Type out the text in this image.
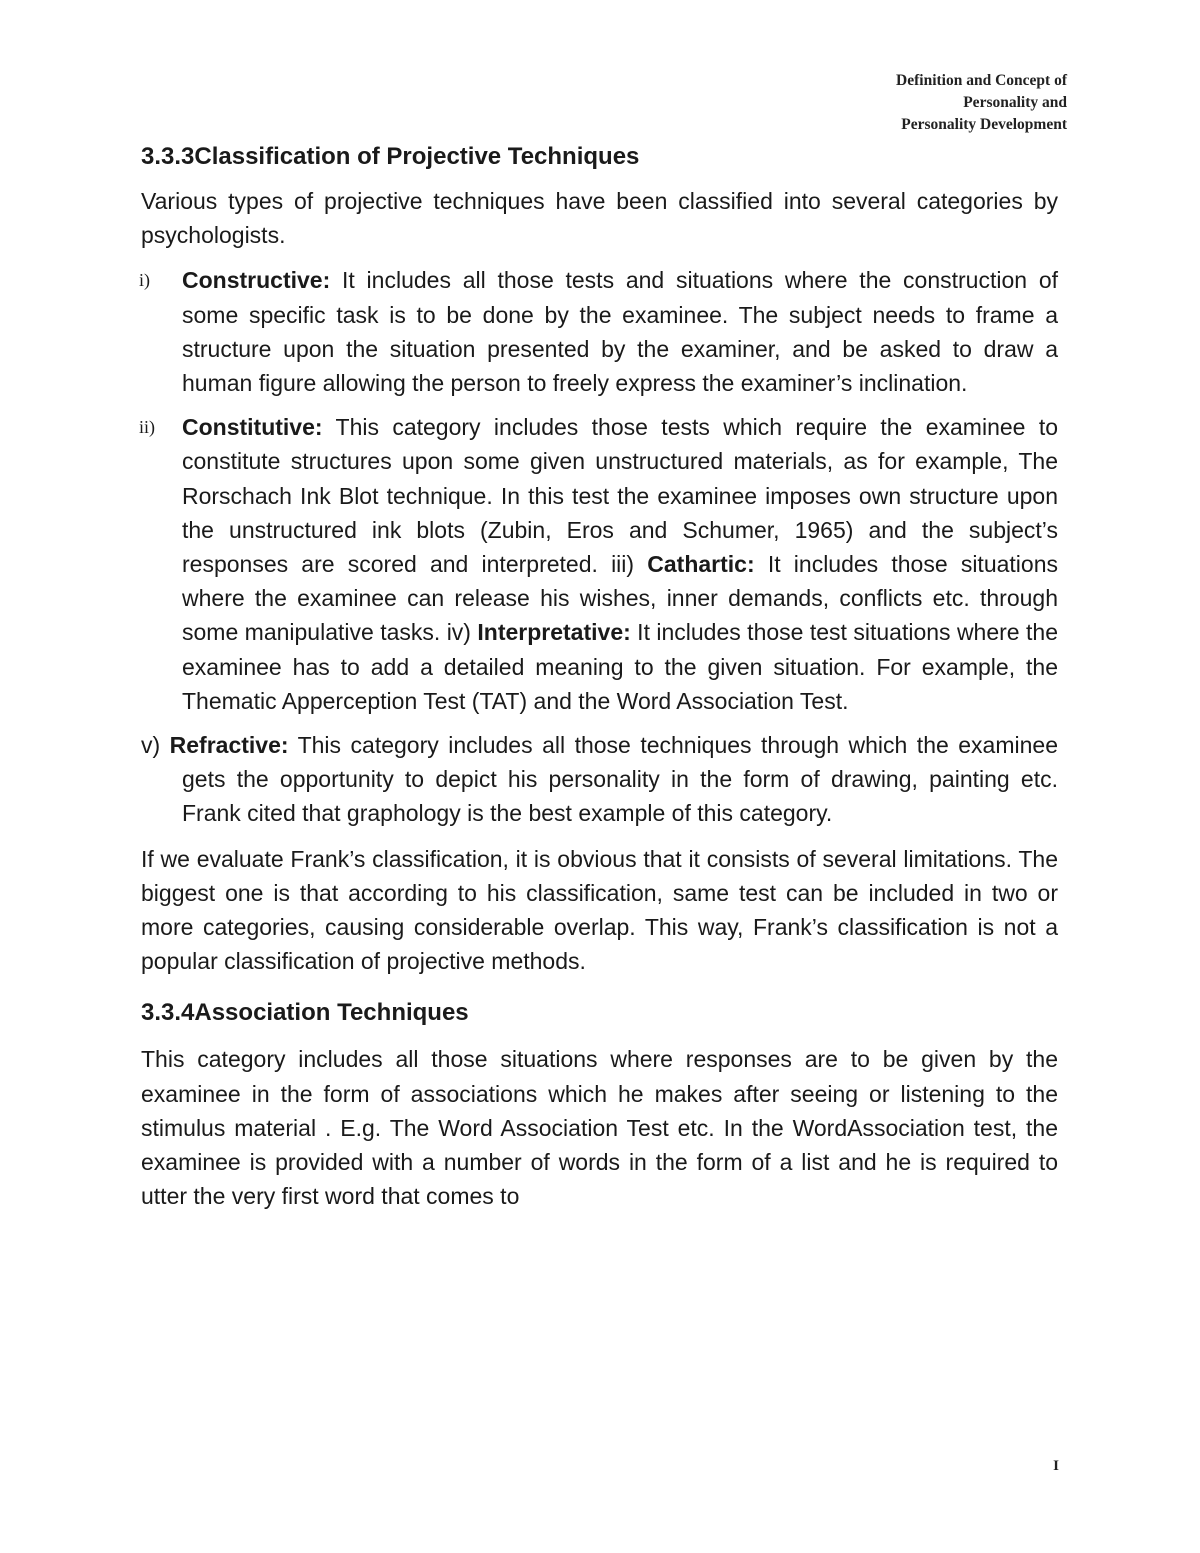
Definition and Concept of
Personality and
Personality Development
3.3.3Classification of Projective Techniques

Various types of projective techniques have been classified into several categories by psychologists.

i) Constructive: It includes all those tests and situations where the construction of some specific task is to be done by the examinee. The subject needs to frame a structure upon the situation presented by the examiner, and be asked to draw a human figure allowing the person to freely express the examiner’s inclination.
ii) Constitutive: This category includes those tests which require the examinee to constitute structures upon some given unstructured materials, as for example, The Rorschach Ink Blot technique. In this test the examinee imposes own structure upon the unstructured ink blots (Zubin, Eros and Schumer, 1965) and the subject’s responses are scored and interpreted. iii) Cathartic: It includes those situations where the examinee can release his wishes, inner demands, conflicts etc. through some manipulative tasks. iv) Interpretative: It includes those test situations where the examinee has to add a detailed meaning to the given situation. For example, the Thematic Apperception Test (TAT) and the Word Association Test.
v) Refractive: This category includes all those techniques through which the examinee gets the opportunity to depict his personality in the form of drawing, painting etc. Frank cited that graphology is the best example of this category.

If we evaluate Frank’s classification, it is obvious that it consists of several limitations. The biggest one is that according to his classification, same test can be included in two or more categories, causing considerable overlap. This way, Frank’s classification is not a popular classification of projective methods.

3.3.4Association Techniques

This category includes all those situations where responses are to be given by the examinee in the form of associations which he makes after seeing or listening to the stimulus material . E.g. The Word Association Test etc. In the WordAssociation test, the examinee is provided with a number of words in the form of a list and he is required to utter the very first word that comes to

I
